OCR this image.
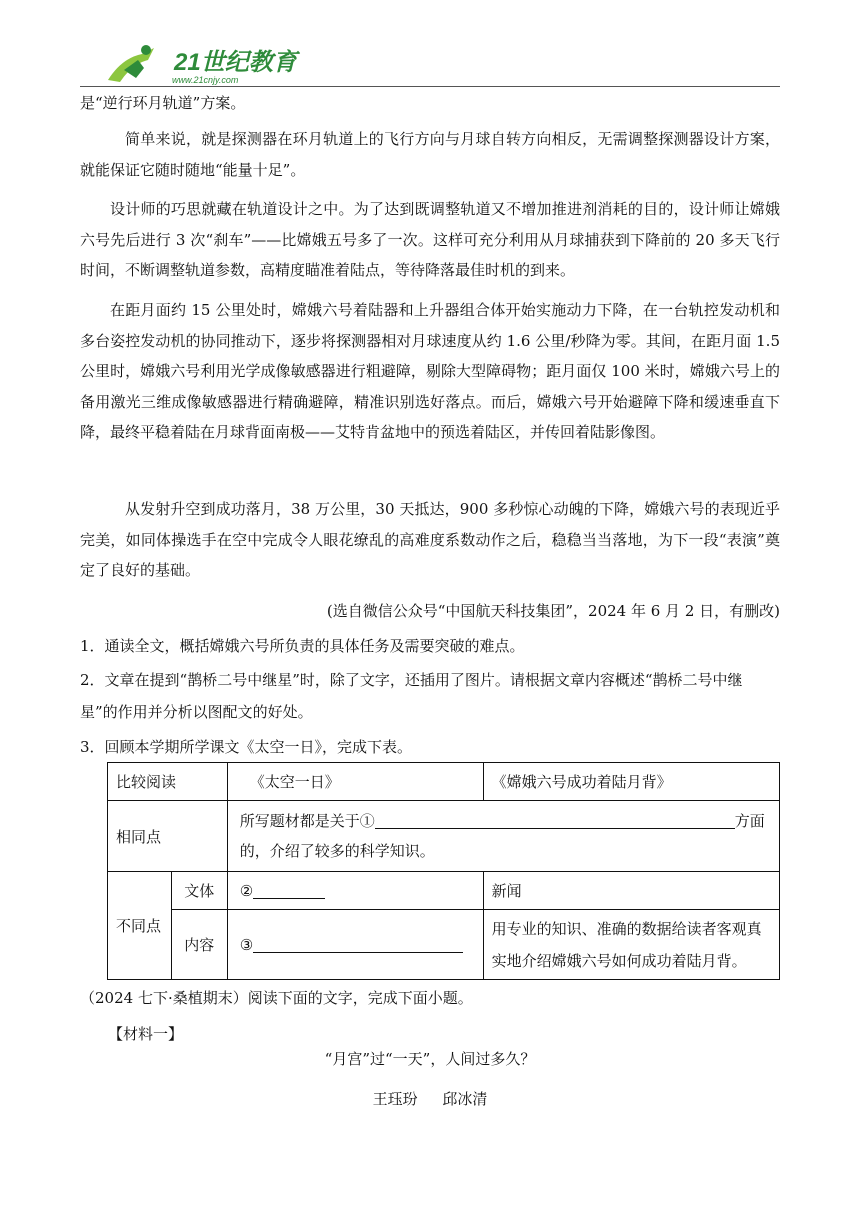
21世纪教育
www.21cnjy.com
是“逆行环月轨道”方案。
简单来说，就是探测器在环月轨道上的飞行方向与月球自转方向相反，无需调整探测器设计方案，就能保证它随时随地“能量十足”。
设计师的巧思就藏在轨道设计之中。为了达到既调整轨道又不增加推进剂消耗的目的，设计师让嫦娥六号先后进行 3 次“刹车”——比嫦娥五号多了一次。这样可充分利用从月球捕获到下降前的 20 多天飞行时间，不断调整轨道参数，高精度瞄准着陆点，等待降落最佳时机的到来。
在距月面约 15 公里处时，嫦娥六号着陆器和上升器组合体开始实施动力下降，在一台轨控发动机和多台姿控发动机的协同推动下，逐步将探测器相对月球速度从约 1.6 公里/秒降为零。其间，在距月面 1.5 公里时，嫦娥六号利用光学成像敏感器进行粗避障，剔除大型障碍物；距月面仅 100 米时，嫦娥六号上的备用激光三维成像敏感器进行精确避障，精准识别选好落点。而后，嫦娥六号开始避障下降和缓速垂直下降，最终平稳着陆在月球背面南极——艾特肯盆地中的预选着陆区，并传回着陆影像图。
从发射升空到成功落月，38 万公里，30 天抵达，900 多秒惊心动魄的下降，嫦娥六号的表现近乎完美，如同体操选手在空中完成令人眼花缭乱的高难度系数动作之后，稳稳当当落地，为下一段“表演”奠定了良好的基础。
(选自微信公众号“中国航天科技集团”，2024 年 6 月 2 日，有删改)
1．通读全文，概括嫦娥六号所负责的具体任务及需要突破的难点。
2．文章在提到“鹊桥二号中继星”时，除了文字，还插用了图片。请根据文章内容概述“鹊桥二号中继星”的作用并分析以图配文的好处。
3．回顾本学期所学课文《太空一日》，完成下表。
比较阅读		《太空一日》	《嫦娥六号成功着陆月背》
相同点		所写题材都是关于① 方面
的，介绍了较多的科学知识。	
不同点	文体	②	新闻
	内容	③	用专业的知识、准确的数据给读者客观真实地介绍嫦娥六号如何成功着陆月背。
（2024 七下·桑植期末）阅读下面的文字，完成下面小题。
【材料一】
“月宫”过“一天”，人间过多久？
王珏玢 邱冰清
